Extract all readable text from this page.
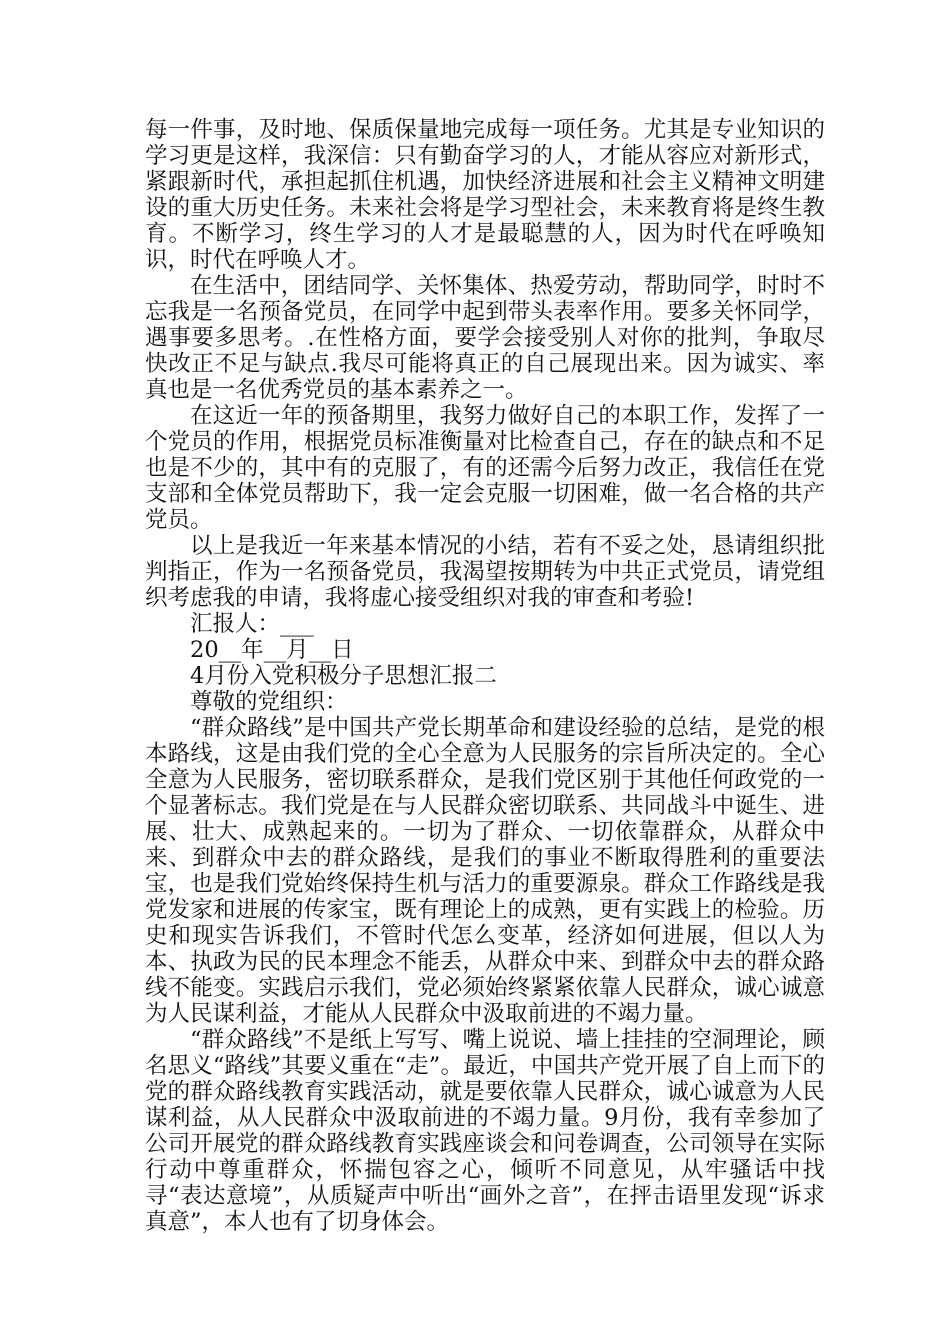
每一件事，及时地、保质保量地完成每一项任务。尤其是专业知识的学习更是这样，我深信：只有勤奋学习的人，才能从容应对新形式，紧跟新时代，承担起抓住机遇，加快经济进展和社会主义精神文明建设的重大历史任务。未来社会将是学习型社会，未来教育将是终生教育。不断学习，终生学习的人才是最聪慧的人，因为时代在呼唤知识，时代在呼唤人才。

在生活中，团结同学、关怀集体、热爱劳动，帮助同学，时时不忘我是一名预备党员，在同学中起到带头表率作用。要多关怀同学，遇事要多思考。.在性格方面，要学会接受别人对你的批判，争取尽快改正不足与缺点.我尽可能将真正的自己展现出来。因为诚实、率真也是一名优秀党员的基本素养之一。

在这近一年的预备期里，我努力做好自己的本职工作，发挥了一个党员的作用，根据党员标准衡量对比检查自己，存在的缺点和不足也是不少的，其中有的克服了，有的还需今后努力改正，我信任在党支部和全体党员帮助下，我一定会克服一切困难，做一名合格的共产党员。

以上是我近一年来基本情况的小结，若有不妥之处，恳请组织批判指正，作为一名预备党员，我渴望按期转为中共正式党员，请党组织考虑我的申请，我将虚心接受组织对我的审查和考验!

汇报人：___

20__年__月__日

4月份入党积极分子思想汇报二

尊敬的党组织：

“群众路线”是中国共产党长期革命和建设经验的总结，是党的根本路线，这是由我们党的全心全意为人民服务的宗旨所决定的。全心全意为人民服务，密切联系群众，是我们党区别于其他任何政党的一个显著标志。我们党是在与人民群众密切联系、共同战斗中诞生、进展、壮大、成熟起来的。一切为了群众、一切依靠群众，从群众中来、到群众中去的群众路线，是我们的事业不断取得胜利的重要法宝，也是我们党始终保持生机与活力的重要源泉。群众工作路线是我党发家和进展的传家宝，既有理论上的成熟，更有实践上的检验。历史和现实告诉我们，不管时代怎么变革，经济如何进展，但以人为本、执政为民的民本理念不能丢，从群众中来、到群众中去的群众路线不能变。实践启示我们，党必须始终紧紧依靠人民群众，诚心诚意为人民谋利益，才能从人民群众中汲取前进的不竭力量。

“群众路线”不是纸上写写、嘴上说说、墙上挂挂的空洞理论，顾名思义“路线”其要义重在“走”。最近，中国共产党开展了自上而下的党的群众路线教育实践活动，就是要依靠人民群众，诚心诚意为人民谋利益，从人民群众中汲取前进的不竭力量。9月份，我有幸参加了公司开展党的群众路线教育实践座谈会和问卷调查，公司领导在实际行动中尊重群众，怀揣包容之心，倾听不同意见，从牢骚话中找寻“表达意境”，从质疑声中听出“画外之音”，在抨击语里发现“诉求真意”，本人也有了切身体会。
